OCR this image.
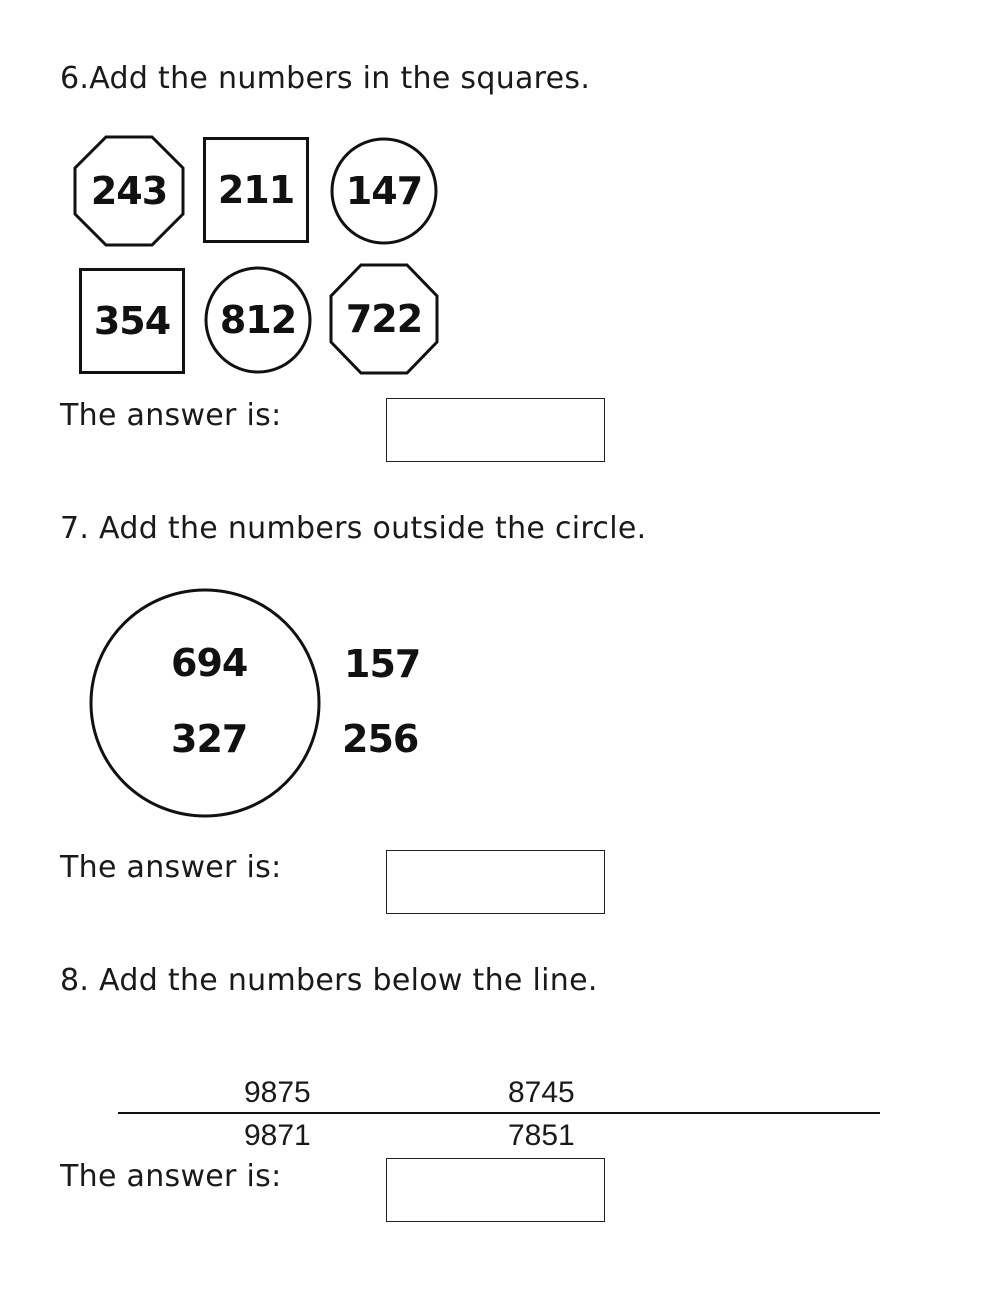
6.Add the numbers in the squares.
243 211 147
354 812 722
The answer is:
7. Add the numbers outside the circle.
694
327
157
256
The answer is:
8. Add the numbers below the line.
9875	8745
9871	7851
The answer is:
